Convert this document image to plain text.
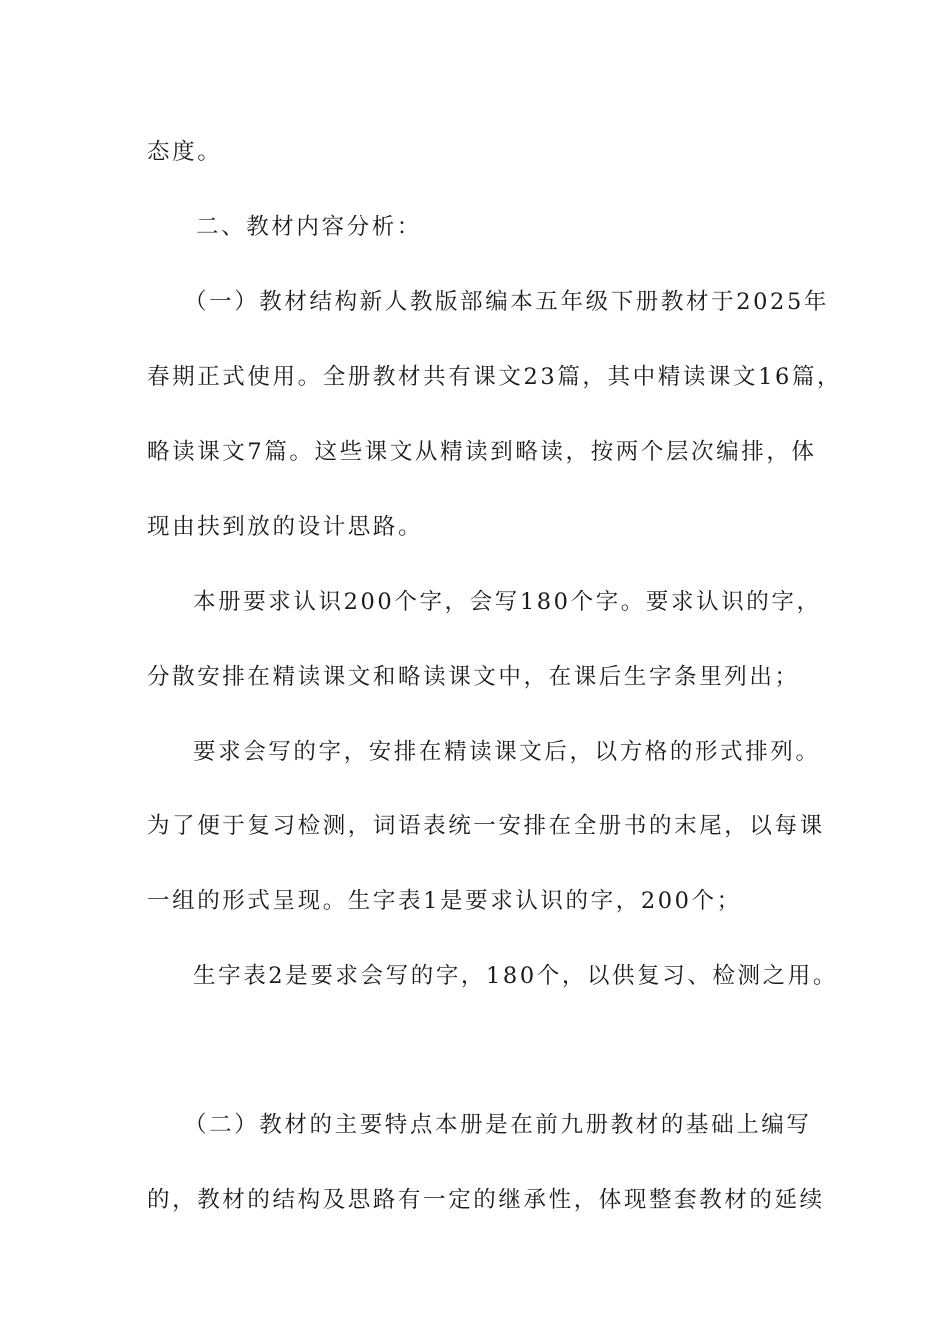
态度。
二、教材内容分析：
（一）教材结构新人教版部编本五年级下册教材于2025年
春期正式使用。全册教材共有课文23篇，其中精读课文16篇，
略读课文7篇。这些课文从精读到略读，按两个层次编排，体
现由扶到放的设计思路。
本册要求认识200个字，会写180个字。要求认识的字，
分散安排在精读课文和略读课文中，在课后生字条里列出；
要求会写的字，安排在精读课文后，以方格的形式排列。
为了便于复习检测，词语表统一安排在全册书的末尾，以每课
一组的形式呈现。生字表1是要求认识的字，200个；
生字表2是要求会写的字，180个，以供复习、检测之用。
（二）教材的主要特点本册是在前九册教材的基础上编写
的，教材的结构及思路有一定的继承性，体现整套教材的延续
